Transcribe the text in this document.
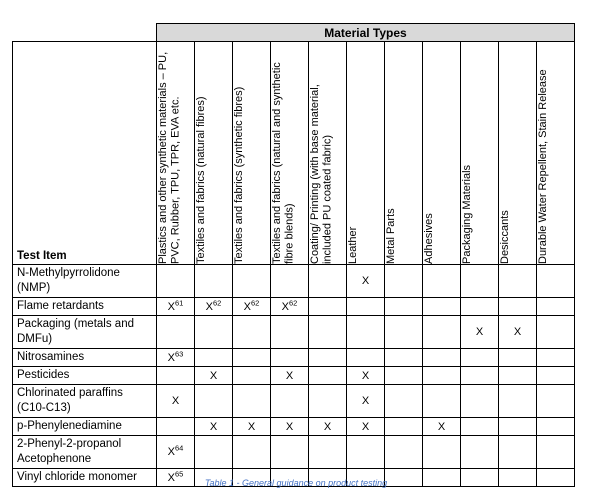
	Material Types										
Test Item	Plastics and other synthetic materials – PU, PVC, Rubber, TPU, TPR, EVA etc.	Textiles and fabrics (natural fibres)	Textiles and fabrics (synthetic fibres)	Textiles and fabrics (natural and synthetic fibre blends)	Coating/ Printing (with base material, included PU coated fabric)	Leather	Metal Parts	Adhesives	Packaging Materials	Desiccants	Durable Water Repellent, Stain Release

N-Methylpyrrolidone (NMP)						X					
Flame retardants	$X^{61}$	$X^{62}$	$X^{62}$	$X^{62}$							
Packaging (metals and DMFu)									X	X	
Nitrosamines	$X^{63}$										
Pesticides		X		X		X					
Chlorinated paraffins (C10-C13)	X					X					
p-Phenylenediamine		X	X	X	X	X		X			
2-Phenyl-2-propanol Acetophenone	$X^{64}$										
Vinyl chloride monomer	$X^{65}$										
Table 1 - General guidance on product testing
